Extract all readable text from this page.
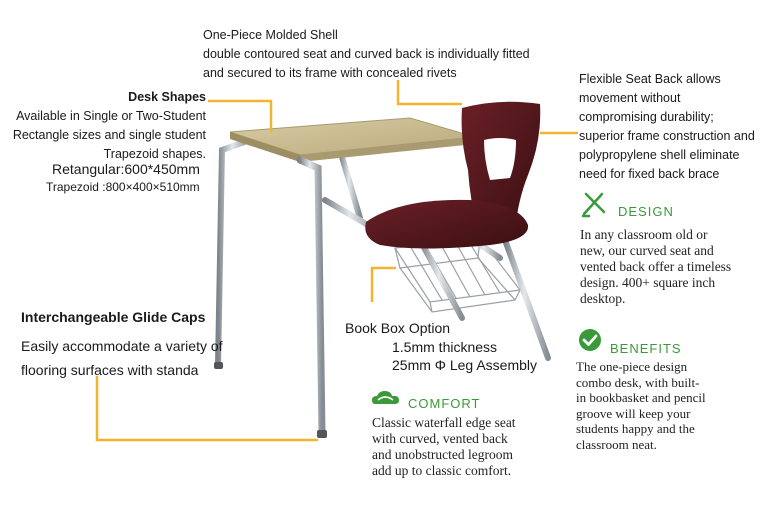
One-Piece Molded Shell
double contoured seat and curved back is individually fitted
and secured to its frame with concealed rivets
Desk Shapes
Available in Single or Two-Student
Rectangle sizes and single student
Trapezoid shapes.
Retangular:600*450mm
Trapezoid :800×400×510mm
Flexible Seat Back allows
movement without
compromising durability;
superior frame construction and
polypropylene shell eliminate
need for ﬁxed back brace
DESIGN
In any classroom old or
new, our curved seat and
vented back offer a timeless
design. 400+ square inch
desktop.
BENEFITS
The one-piece design
combo desk, with built-
in bookbasket and pencil
groove will keep your
students happy and the
classroom neat.
Interchangeable Glide Caps
Easily accommodate a variety of
flooring surfaces with standa
Book Box Option
1.5mm thickness
25mm Φ Leg Assembly
COMFORT
Classic waterfall edge seat
with curved, vented back
and unobstructed legroom
add up to classic comfort.
